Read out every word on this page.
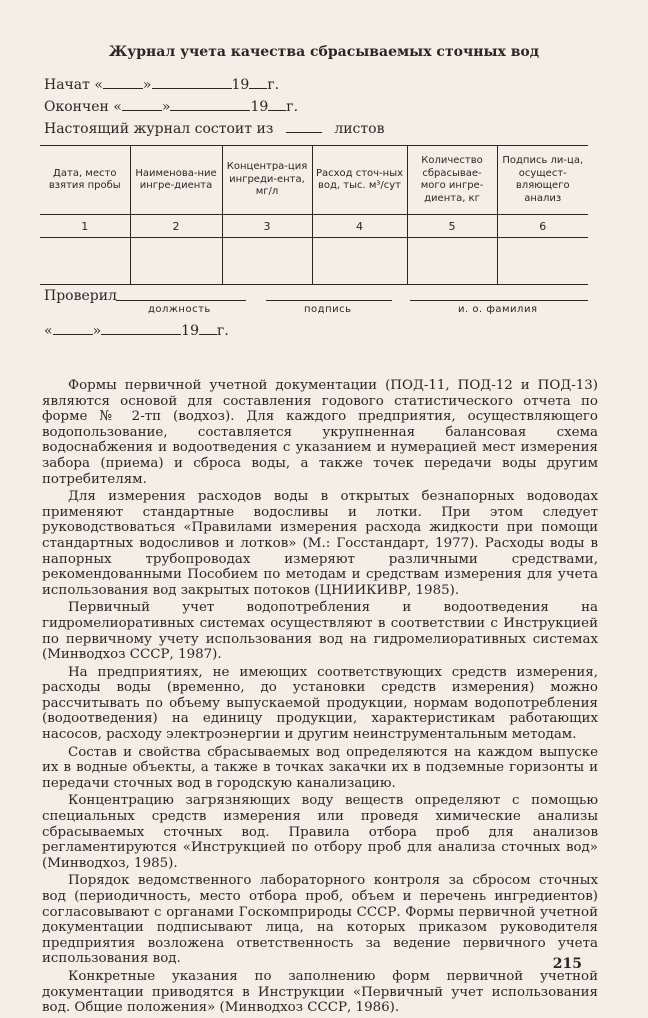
Журнал учета качества сбрасываемых сточных вод
Начат «	»	19 г.
Окончен «	»	19 г.
Настоящий журнал состоит из	листов
Дата, место взятия пробы	Наименова-ние ингре-диента	Концентра-ция ингреди-ента, мг/л	Расход сточ-ных вод, тыс. м³/сут	Количество сбрасывае-мого ингре-диента, кг	Подпись ли-ца, осущест-вляющего анализ
1	2	3	4	5	6

Проверил
должность	подпись	и. о. фамилия
«	»	19 г.

Формы первичной учетной документации (ПОД-11, ПОД-12 и ПОД-13) являются основой для составления годового статистического отчета по форме № 2-тп (водхоз). Для каждого предприятия, осуществляющего водопользование, составляется укрупненная балансовая схема водоснабжения и водоотведения с указанием и нумерацией мест измерения забора (приема) и сброса воды, а также точек передачи воды другим потребителям.

Для измерения расходов воды в открытых безнапорных водоводах применяют стандартные водосливы и лотки. При этом следует руководствоваться «Правилами измерения расхода жидкости при помощи стандартных водосливов и лотков» (М.: Госстандарт, 1977). Расходы воды в напорных трубопроводах измеряют различными средствами, рекомендованными Пособием по методам и средствам измерения для учета использования вод закрытых потоков (ЦНИИКИВР, 1985).

Первичный учет водопотребления и водоотведения на гидромелиоративных системах осуществляют в соответствии с Инструкцией по первичному учету использования вод на гидромелиоративных системах (Минводхоз СССР, 1987).

На предприятиях, не имеющих соответствующих средств измерения, расходы воды (временно, до установки средств измерения) можно рассчитывать по объему выпускаемой продукции, нормам водопотребления (водоотведения) на единицу продукции, характеристикам работающих насосов, расходу электроэнергии и другим неинструментальным методам.

Состав и свойства сбрасываемых вод определяются на каждом выпуске их в водные объекты, а также в точках закачки их в подземные горизонты и передачи сточных вод в городскую канализацию.

Концентрацию загрязняющих воду веществ определяют с помощью специальных средств измерения или проведя химические анализы сбрасываемых сточных вод. Правила отбора проб для анализов регламентируются «Инструкцией по отбору проб для анализа сточных вод» (Минводхоз, 1985).

Порядок ведомственного лабораторного контроля за сбросом сточных вод (периодичность, место отбора проб, объем и перечень ингредиентов) согласовывают с органами Госкомприроды СССР. Формы первичной учетной документации подписывают лица, на которых приказом руководителя предприятия возложена ответственность за ведение первичного учета использования вод.

Конкретные указания по заполнению форм первичной учетной документации приводятся в Инструкции «Первичный учет использования вод. Общие положения» (Минводхоз СССР, 1986).

215
